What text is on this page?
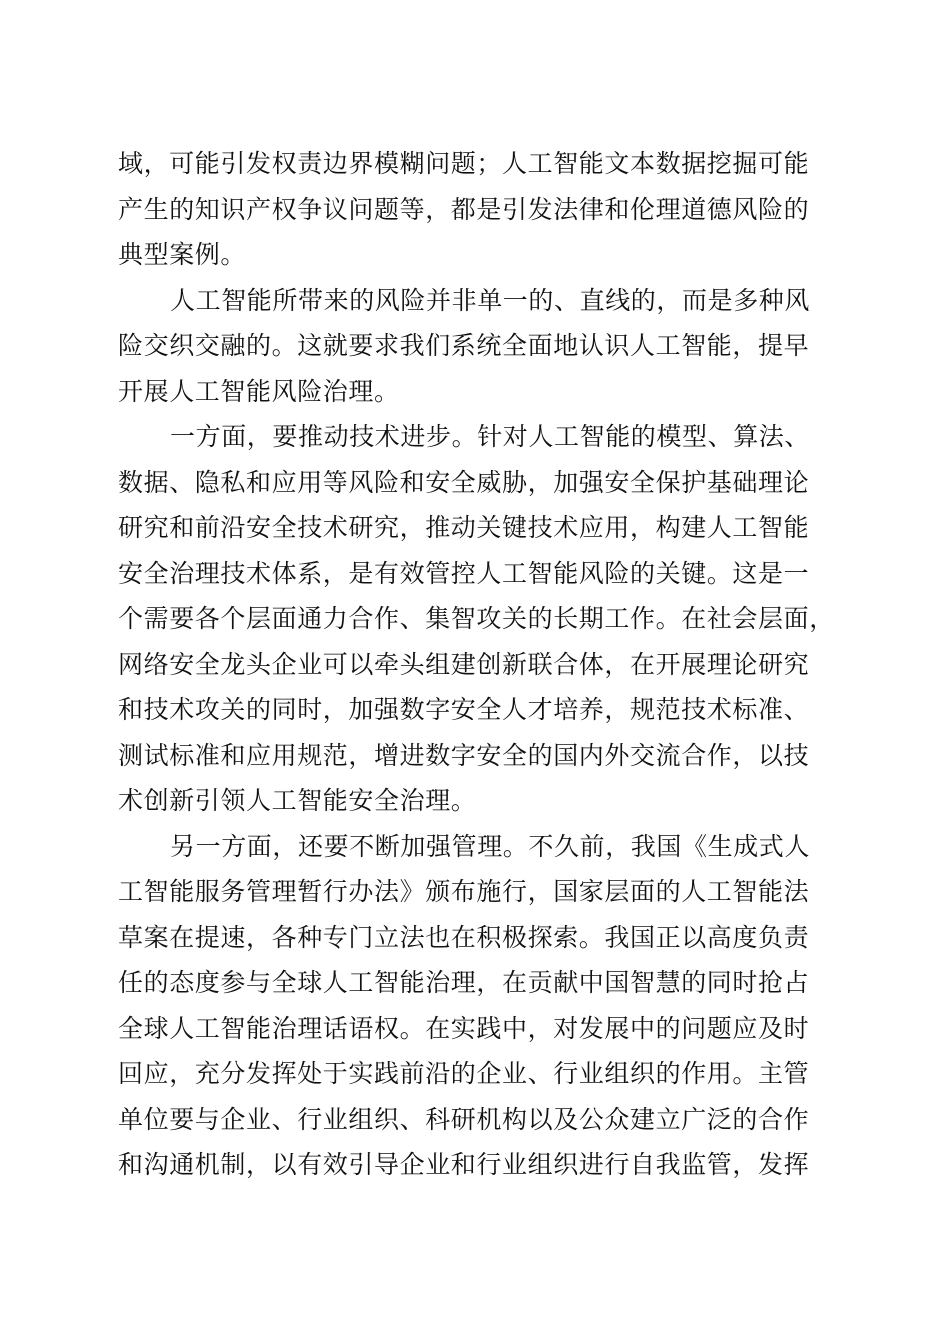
域，可能引发权责边界模糊问题；人工智能文本数据挖掘可能
产生的知识产权争议问题等，都是引发法律和伦理道德风险的
典型案例。
人工智能所带来的风险并非单一的、直线的，而是多种风
险交织交融的。这就要求我们系统全面地认识人工智能，提早
开展人工智能风险治理。
一方面，要推动技术进步。针对人工智能的模型、算法、
数据、隐私和应用等风险和安全威胁，加强安全保护基础理论
研究和前沿安全技术研究，推动关键技术应用，构建人工智能
安全治理技术体系，是有效管控人工智能风险的关键。这是一
个需要各个层面通力合作、集智攻关的长期工作。在社会层面，
网络安全龙头企业可以牵头组建创新联合体，在开展理论研究
和技术攻关的同时，加强数字安全人才培养，规范技术标准、
测试标准和应用规范，增进数字安全的国内外交流合作，以技
术创新引领人工智能安全治理。
另一方面，还要不断加强管理。不久前，我国《生成式人
工智能服务管理暂行办法》颁布施行，国家层面的人工智能法
草案在提速，各种专门立法也在积极探索。我国正以高度负责
任的态度参与全球人工智能治理，在贡献中国智慧的同时抢占
全球人工智能治理话语权。在实践中，对发展中的问题应及时
回应，充分发挥处于实践前沿的企业、行业组织的作用。主管
单位要与企业、行业组织、科研机构以及公众建立广泛的合作
和沟通机制，以有效引导企业和行业组织进行自我监管，发挥
